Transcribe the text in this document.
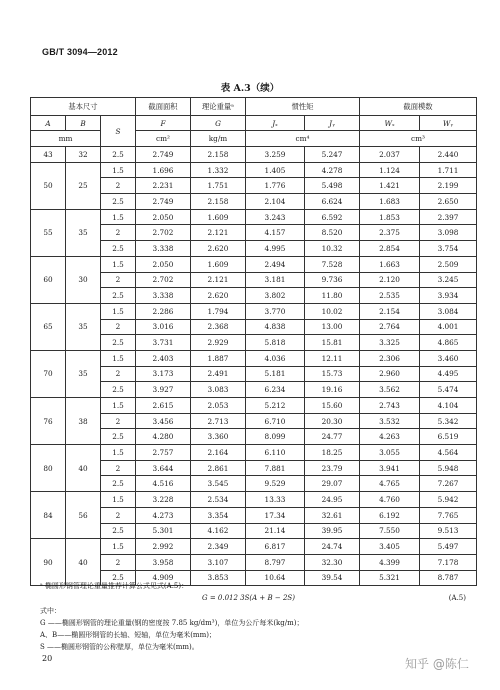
GB/T 3094—2012
表 A.3（续）
基本尺寸			截面面积	理论重量ᵃ	惯性矩		截面模数	
A	B	S	F	G	Jₓ	Jᵧ	Wₓ	Wᵧ
mm			cm²	kg/m	cm⁴		cm³	
43	32	2.5	2.749	2.158	3.259	5.247	2.037	2.440
50	25	1.5	1.696	1.332	1.405	4.278	1.124	1.711
		2	2.231	1.751	1.776	5.498	1.421	2.199
		2.5	2.749	2.158	2.104	6.624	1.683	2.650
55	35	1.5	2.050	1.609	3.243	6.592	1.853	2.397
		2	2.702	2.121	4.157	8.520	2.375	3.098
		2.5	3.338	2.620	4.995	10.32	2.854	3.754
60	30	1.5	2.050	1.609	2.494	7.528	1.663	2.509
		2	2.702	2.121	3.181	9.736	2.120	3.245
		2.5	3.338	2.620	3.802	11.80	2.535	3.934
65	35	1.5	2.286	1.794	3.770	10.02	2.154	3.084
		2	3.016	2.368	4.838	13.00	2.764	4.001
		2.5	3.731	2.929	5.818	15.81	3.325	4.865
70	35	1.5	2.403	1.887	4.036	12.11	2.306	3.460
		2	3.173	2.491	5.181	15.73	2.960	4.495
		2.5	3.927	3.083	6.234	19.16	3.562	5.474
76	38	1.5	2.615	2.053	5.212	15.60	2.743	4.104
		2	3.456	2.713	6.710	20.30	3.532	5.342
		2.5	4.280	3.360	8.099	24.77	4.263	6.519
80	40	1.5	2.757	2.164	6.110	18.25	3.055	4.564
		2	3.644	2.861	7.881	23.79	3.941	5.948
		2.5	4.516	3.545	9.529	29.07	4.765	7.267
84	56	1.5	3.228	2.534	13.33	24.95	4.760	5.942
		2	4.273	3.354	17.34	32.61	6.192	7.765
		2.5	5.301	4.162	21.14	39.95	7.550	9.513
90	40	1.5	2.992	2.349	6.817	24.74	3.405	5.497
		2	3.958	3.107	8.797	32.30	4.399	7.178
		2.5	4.909	3.853	10.64	39.54	5.321	8.787
ᵃ 椭圆形钢管理论重量推荐计算公式见式(A.5)：
G = 0.012 3S(A + B − 2S)	(A.5)
式中：
G ——椭圆形钢管的理论重量(钢的密度按 7.85 kg/dm³)，单位为公斤每米(kg/m)；
A、B——椭圆形钢管的长轴、短轴，单位为毫米(mm)；
S ——椭圆形钢管的公称壁厚，单位为毫米(mm)。
20	知乎 @陈仁
